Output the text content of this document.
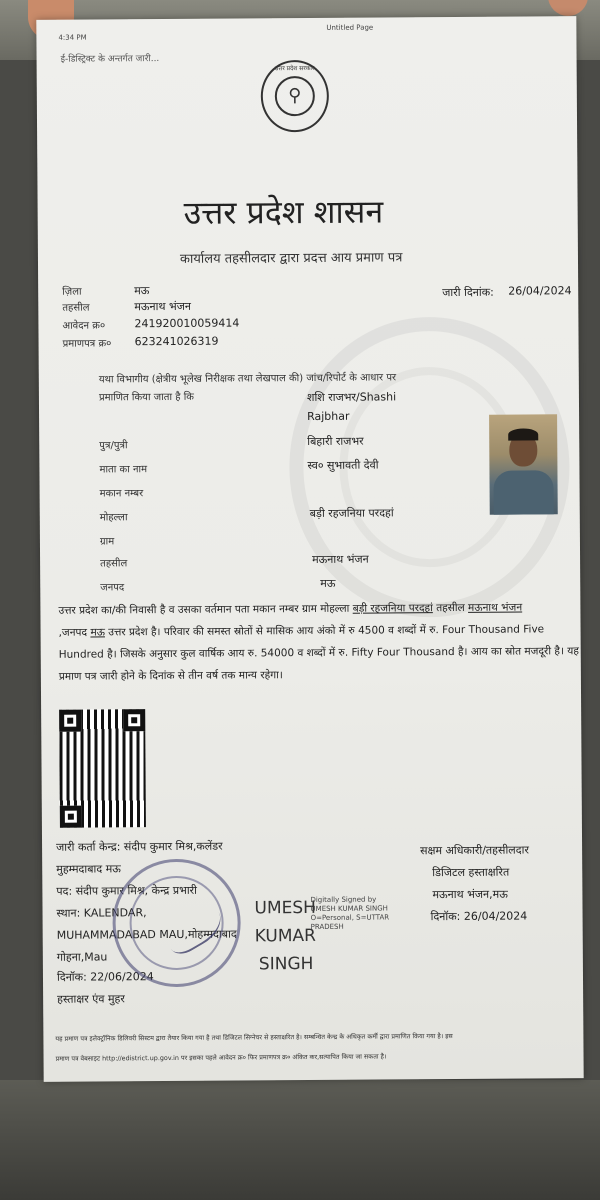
4:34 PM
Untitled Page
ई-डिस्ट्रिक्ट के अन्तर्गत जारी...
उत्तर प्रदेश सरकार
⚲
उत्तर प्रदेश शासन
कार्यालय तहसीलदार द्वारा प्रदत्त आय प्रमाण पत्र
ज़िला	मऊ
तहसील	मऊनाथ भंजन
आवेदन क्र०	241920010059414
प्रमाणपत्र क्र० 623241026319
जारी दिनांक: 26/04/2024
यथा विभागीय (क्षेत्रीय भूलेख निरीक्षक तथा लेखपाल की) जांच/रिपोर्ट के आधार पर
प्रमाणित किया जाता है कि	शशि राजभर/Shashi
Rajbhar
पुत्र/पुत्री	बिहारी राजभर
माता का नाम	स्व० सुभावती देवी
मकान नम्बर
मोहल्ला	बड़ी रहजनिया परदहां
ग्राम
तहसील	मऊनाथ भंजन
जनपद	मऊ
उत्तर प्रदेश का/की निवासी है व उसका वर्तमान पता मकान नम्बर ग्राम मोहल्ला बड़ी रहजनिया परदहां तहसील मऊनाथ भंजन
,जनपद मऊ उत्तर प्रदेश है। परिवार की समस्त स्रोतों से मासिक आय अंको में रु 4500 व शब्दों में रु. Four Thousand Five
Hundred है। जिसके अनुसार कुल वार्षिक आय रु. 54000 व शब्दों में रु. Fifty Four Thousand है। आय का स्रोत मजदूरी है। यह
प्रमाण पत्र जारी होने के दिनांक से तीन वर्ष तक मान्य रहेगा।
जारी कर्ता केन्द्र: संदीप कुमार मिश्र,कलेंडर
मुहम्मदाबाद मऊ
पद: संदीप कुमार मिश्र, केन्द्र प्रभारी
स्थान: KALENDAR,
MUHAMMADABAD MAU,मोहम्मदाबाद
गोहना,Mau
दिनॉक: 22/06/2024
हस्ताक्षर एंव मुहर
UMESH
KUMAR
SINGH
Digitally Signed by
UMESH KUMAR SINGH
O=Personal, S=UTTAR
PRADESH
सक्षम अधिकारी/तहसीलदार
डिजिटल हस्ताक्षरित
मऊनाथ भंजन,मऊ
दिनॉक: 26/04/2024
यह प्रमाण पत्र इलेक्ट्रॉनिक डिलिवरी सिस्टम द्वारा तैयार किया गया है तथा डिजिटल सिग्नेचर से हस्ताक्षरित है। सम्बन्धित केन्द्र के अधिकृत कर्मी द्वारा प्रमाणित किया गया है। इस
प्रमाण पत्र वेबसाइट http://edistrict.up.gov.in पर इसका पहले आवेदन क्र० फिर प्रमाणपत्र क्र० अंकित कर,सत्यापित किया जा सकता है।
